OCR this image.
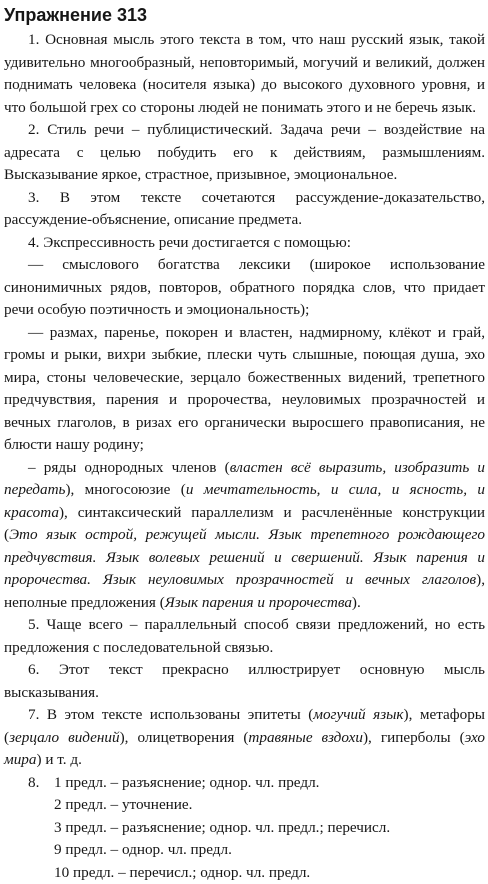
Упражнение 313

1. Основная мысль этого текста в том, что наш русский язык, такой удивительно многообразный, неповторимый, могучий и великий, должен поднимать человека (носителя языка) до высокого духовного уровня, и что большой грех со стороны людей не понимать этого и не беречь язык.

2. Стиль речи – публицистический. Задача речи – воздействие на адресата с целью побудить его к действиям, размышлениям. Высказывание яркое, страстное, призывное, эмоциональное.

3. В этом тексте сочетаются рассуждение-доказательство, рассуждение-объяснение, описание предмета.

4. Экспрессивность речи достигается с помощью:

— смыслового богатства лексики (широкое использование синонимичных рядов, повторов, обратного порядка слов, что придает речи особую поэтичность и эмоциональность);

— размах, паренье, покорен и властен, надмирному, клёкот и грай, громы и рыки, вихри зыбкие, плески чуть слышные, поющая душа, эхо мира, стоны человеческие, зерцало божественных видений, трепетного предчувствия, парения и пророчества, неуловимых прозрачностей и вечных глаголов, в ризах его органически выросшего правописания, не блюсти нашу родину;

– ряды однородных членов (властен всё выразить, изобразить и передать), многосоюзие (и мечтательность, и сила, и ясность, и красота), синтаксический параллелизм и расчленённые конструкции (Это язык острой, режущей мысли. Язык трепетного рождающего предчувствия. Язык волевых решений и свершений. Язык парения и пророчества. Язык неуловимых прозрачностей и вечных глаголов), неполные предложения (Язык парения и пророчества).

5. Чаще всего – параллельный способ связи предложений, но есть предложения с последовательной связью.

6. Этот текст прекрасно иллюстрирует основную мысль высказывания.

7. В этом тексте использованы эпитеты (могучий язык), метафоры (зерцало видений), олицетворения (травяные вздохи), гиперболы (эхо мира) и т. д.

8. 1 предл. – разъяснение; однор. чл. предл.
2 предл. – уточнение.
3 предл. – разъяснение; однор. чл. предл.; перечисл.
9 предл. – однор. чл. предл.
10 предл. – перечисл.; однор. чл. предл.
